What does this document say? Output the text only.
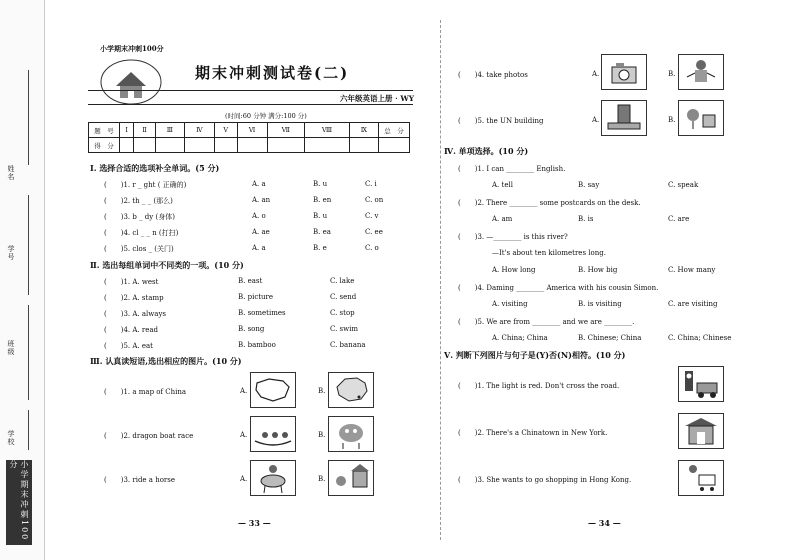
姓名
学号
班级
学校
小学期末冲刺100分
小学期末冲刺100分
期末冲刺测试卷(二)
六年级英语上册 · WY
(时间:60 分钟 满分:100 分)
题　号	Ⅰ	Ⅱ	Ⅲ	Ⅳ	Ⅴ	Ⅵ	Ⅶ	Ⅷ	Ⅸ	总　分
得　分										
Ⅰ. 选择合适的选项补全单词。(5 分)
(　　)1. r _ ght ( 正确的)	A. a	B. u	C. i
(　　)2. th _ _ (那么)	A. an	B. en	C. on
(　　)3. b _ dy (身体)	A. o	B. u	C. v
(　　)4. cl _ _ n (打扫)	A. ae	B. ea	C. ee
(　　)5. clos _ (关门)	A. a	B. e	C. o
Ⅱ. 选出每组单词中不同类的一项。(10 分)
(　　)1. A. west	B. east	C. lake
(　　)2. A. stamp	B. picture	C. send
(　　)3. A. always	B. sometimes	C. stop
(　　)4. A. read	B. song	C. swim
(　　)5. A. eat	B. bamboo	C. banana
Ⅲ. 认真读短语,选出相应的图片。(10 分)
(　　)1. a map of China	A.	B.
(　　)2. dragon boat race	A.	B.
(　　)3. ride a horse	A.	B.
— 33 —
(　　)4. take photos	A.	B.
(　　)5. the UN building	A.	B.
Ⅳ. 单项选择。(10 分)
(　　)1. I can ________ English.
A. tell	B. say	C. speak
(　　)2. There ________ some postcards on the desk.
A. am	B. is	C. are
(　　)3. —________ is this river?
—It's about ten kilometres long.
A. How long	B. How big	C. How many
(　　)4. Daming ________ America with his cousin Simon.
A. visiting	B. is visiting	C. are visiting
(　　)5. We are from ________ and we are ________.
A. China; China	B. Chinese; China	C. China; Chinese
Ⅴ. 判断下列图片与句子是(Y)否(N)相符。(10 分)
(　　)1. The light is red. Don't cross the road.
(　　)2. There's a Chinatown in New York.
(　　)3. She wants to go shopping in Hong Kong.
— 34 —
